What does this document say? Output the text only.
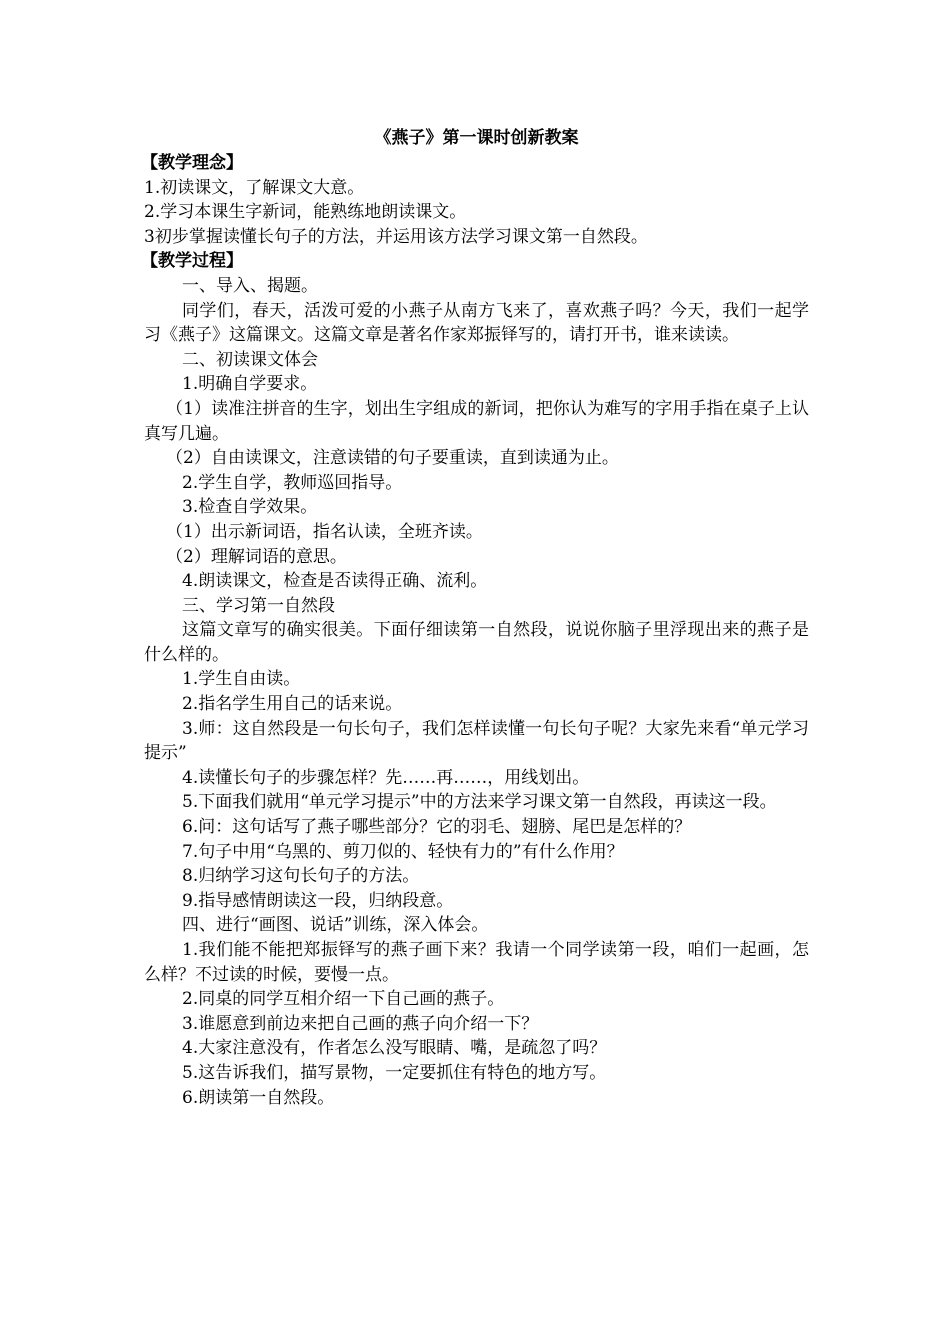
《燕子》第一课时创新教案

【教学理念】

1.初读课文，了解课文大意。

2.学习本课生字新词，能熟练地朗读课文。

3初步掌握读懂长句子的方法，并运用该方法学习课文第一自然段。

【教学过程】

一、导入、揭题。

同学们，春天，活泼可爱的小燕子从南方飞来了，喜欢燕子吗？今天，我们一起学习《燕子》这篇课文。这篇文章是著名作家郑振铎写的，请打开书，谁来读读。

二、初读课文体会

1.明确自学要求。

（1）读准注拼音的生字，划出生字组成的新词，把你认为难写的字用手指在桌子上认真写几遍。

（2）自由读课文，注意读错的句子要重读，直到读通为止。

2.学生自学，教师巡回指导。

3.检查自学效果。

（1）出示新词语，指名认读，全班齐读。

（2）理解词语的意思。

4.朗读课文，检查是否读得正确、流利。

三、学习第一自然段

这篇文章写的确实很美。下面仔细读第一自然段，说说你脑子里浮现出来的燕子是什么样的。

1.学生自由读。

2.指名学生用自己的话来说。

3.师：这自然段是一句长句子，我们怎样读懂一句长句子呢？大家先来看“单元学习提示”

4.读懂长句子的步骤怎样？先……再……，用线划出。

5.下面我们就用“单元学习提示”中的方法来学习课文第一自然段，再读这一段。

6.问：这句话写了燕子哪些部分？它的羽毛、翅膀、尾巴是怎样的？

7.句子中用“乌黑的、剪刀似的、轻快有力的”有什么作用？

8.归纳学习这句长句子的方法。

9.指导感情朗读这一段，归纳段意。

四、进行“画图、说话”训练，深入体会。

1.我们能不能把郑振铎写的燕子画下来？我请一个同学读第一段，咱们一起画，怎么样？不过读的时候，要慢一点。

2.同桌的同学互相介绍一下自己画的燕子。

3.谁愿意到前边来把自己画的燕子向介绍一下？

4.大家注意没有，作者怎么没写眼睛、嘴，是疏忽了吗？

5.这告诉我们，描写景物，一定要抓住有特色的地方写。

6.朗读第一自然段。
